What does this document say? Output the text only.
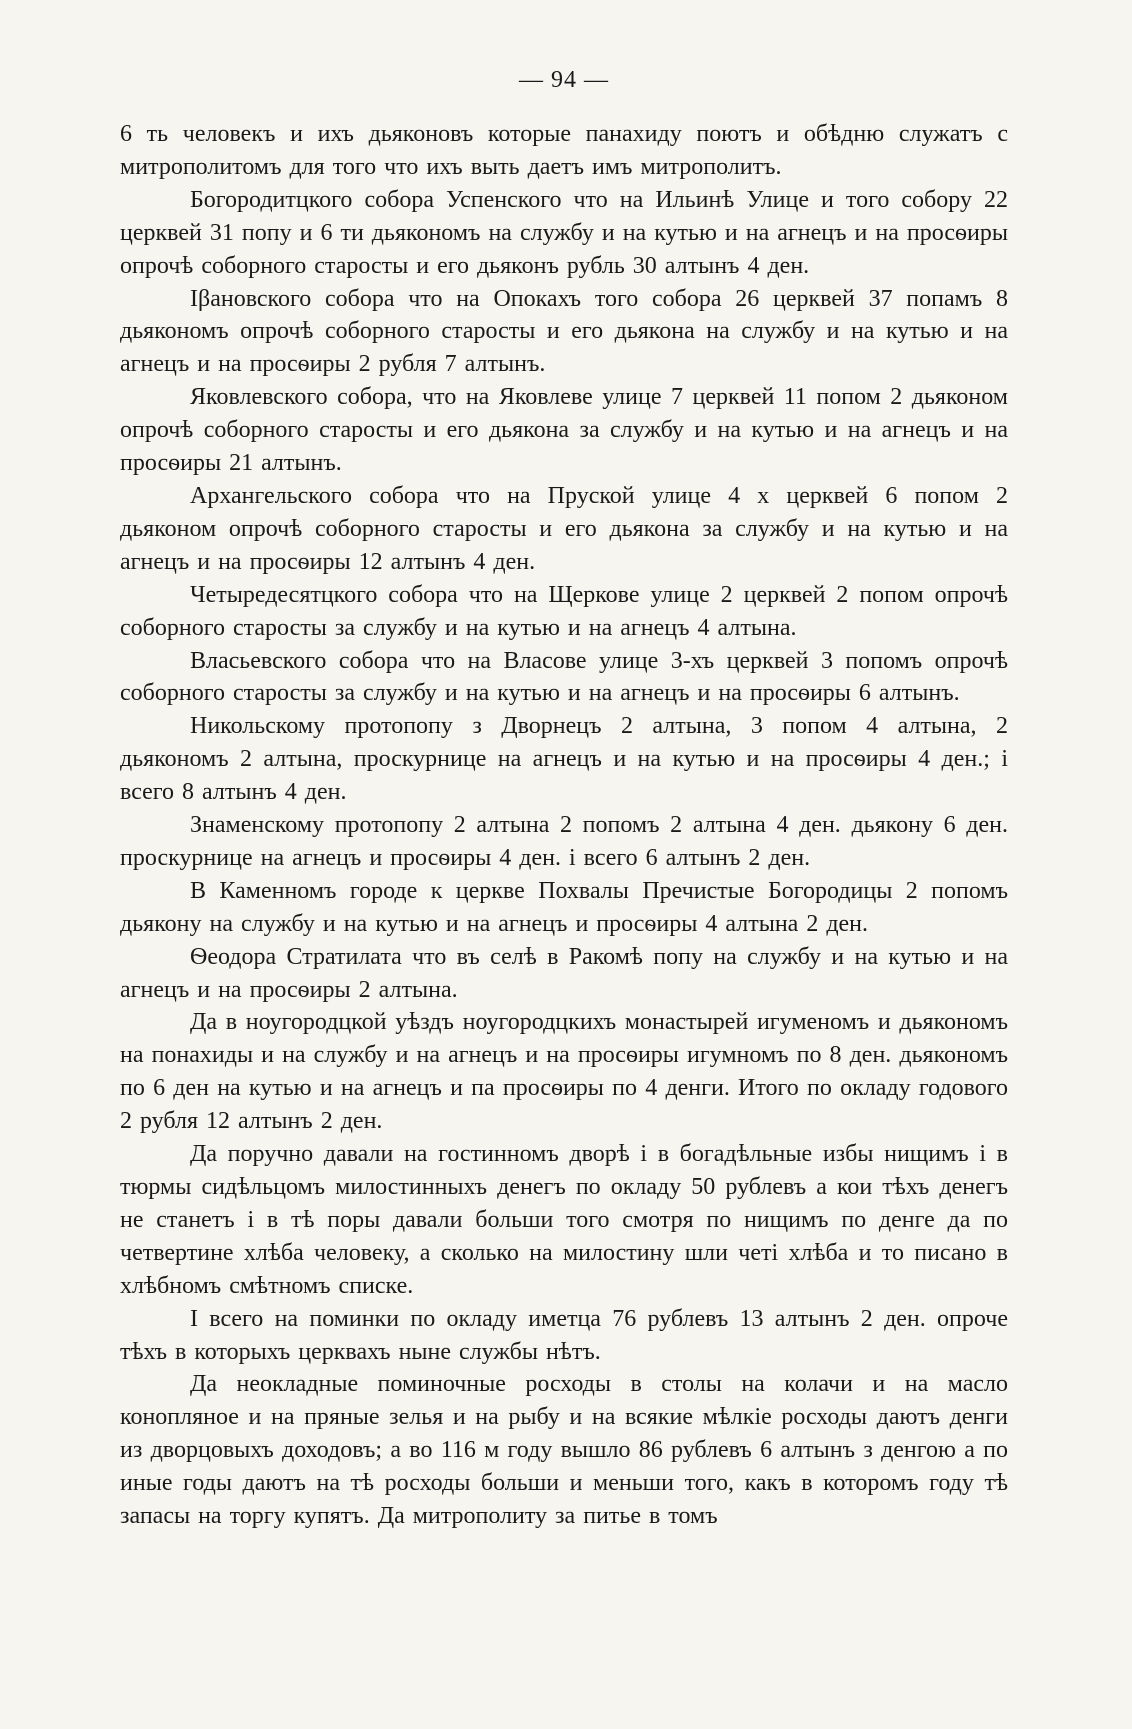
— 94 —

6 ть человекъ и ихъ дьяконовъ которые панахиду поютъ и обѣдню служатъ с митрополитомъ для того что ихъ выть даетъ имъ митрополитъ.

Богородитцкого собора Успенского что на Ильинѣ Улице и того собору 22 церквей 31 попу и 6 ти дьякономъ на службу и на кутью и на агнецъ и на просѳиры опрочѣ соборного старосты и его дьяконъ рубль 30 алтынъ 4 ден.

Іβановского собора что на Опокахъ того собора 26 церквей 37 попамъ 8 дьякономъ опрочѣ соборного старосты и его дьякона на службу и на кутью и на агнецъ и на просѳиры 2 рубля 7 алтынъ.

Яковлевского собора, что на Яковлеве улице 7 церквей 11 попом 2 дьяконом опрочѣ соборного старосты и его дьякона за службу и на кутью и на агнецъ и на просѳиры 21 алтынъ.

Архангельского собора что на Пруской улице 4 х церквей 6 попом 2 дьяконом опрочѣ соборного старосты и его дьякона за службу и на кутью и на агнецъ и на просѳиры 12 алтынъ 4 ден.

Четыредесятцкого собора что на Щеркове улице 2 церквей 2 попом опрочѣ соборного старосты за службу и на кутью и на агнецъ 4 алтына.

Власьевского собора что на Власове улице 3-хъ церквей 3 попомъ опрочѣ соборного старосты за службу и на кутью и на агнецъ и на просѳиры 6 алтынъ.

Никольскому протопопу з Дворнецъ 2 алтына, 3 попом 4 алтына, 2 дьякономъ 2 алтына, проскурнице на агнецъ и на кутью и на просѳиры 4 ден.; і всего 8 алтынъ 4 ден.

Знаменскому протопопу 2 алтына 2 попомъ 2 алтына 4 ден. дьякону 6 ден. проскурнице на агнецъ и просѳиры 4 ден. і всего 6 алтынъ 2 ден.

В Каменномъ городе к церкве Похвалы Пречистые Богородицы 2 попомъ дьякону на службу и на кутью и на агнецъ и просѳиры 4 алтына 2 ден.

Ѳеодора Стратилата что въ селѣ в Ракомѣ попу на службу и на кутью и на агнецъ и на просѳиры 2 алтына.

Да в ноугородцкой уѣздъ ноугородцкихъ монастырей игуменомъ и дьякономъ на понахиды и на службу и на агнецъ и на просѳиры игумномъ по 8 ден. дьякономъ по 6 ден на кутью и на агнецъ и па просѳиры по 4 денги. Итого по окладу годового 2 рубля 12 алтынъ 2 ден.

Да поручно давали на гостинномъ дворѣ і в богадѣльные избы нищимъ і в тюрмы сидѣльцомъ милостинныхъ денегъ по окладу 50 рублевъ а кои тѣхъ денегъ не станетъ і в тѣ поры давали больши того смотря по нищимъ по денге да по четвертине хлѣба человеку, а сколько на милостину шли четі хлѣба и то писано в хлѣбномъ смѣтномъ списке.

І всего на поминки по окладу иметца 76 рублевъ 13 алтынъ 2 ден. опроче тѣхъ в которыхъ церквахъ ныне службы нѣтъ.

Да неокладные поминочные росходы в столы на колачи и на масло конопляное и на пряные зелья и на рыбу и на всякие мѣлкіе росходы даютъ денги из дворцовыхъ доходовъ; а во 116 м году вышло 86 рублевъ 6 алтынъ з денгою а по иные годы даютъ на тѣ росходы больши и меньши того, какъ в которомъ году тѣ запасы на торгу купятъ. Да митрополиту за питье в томъ
